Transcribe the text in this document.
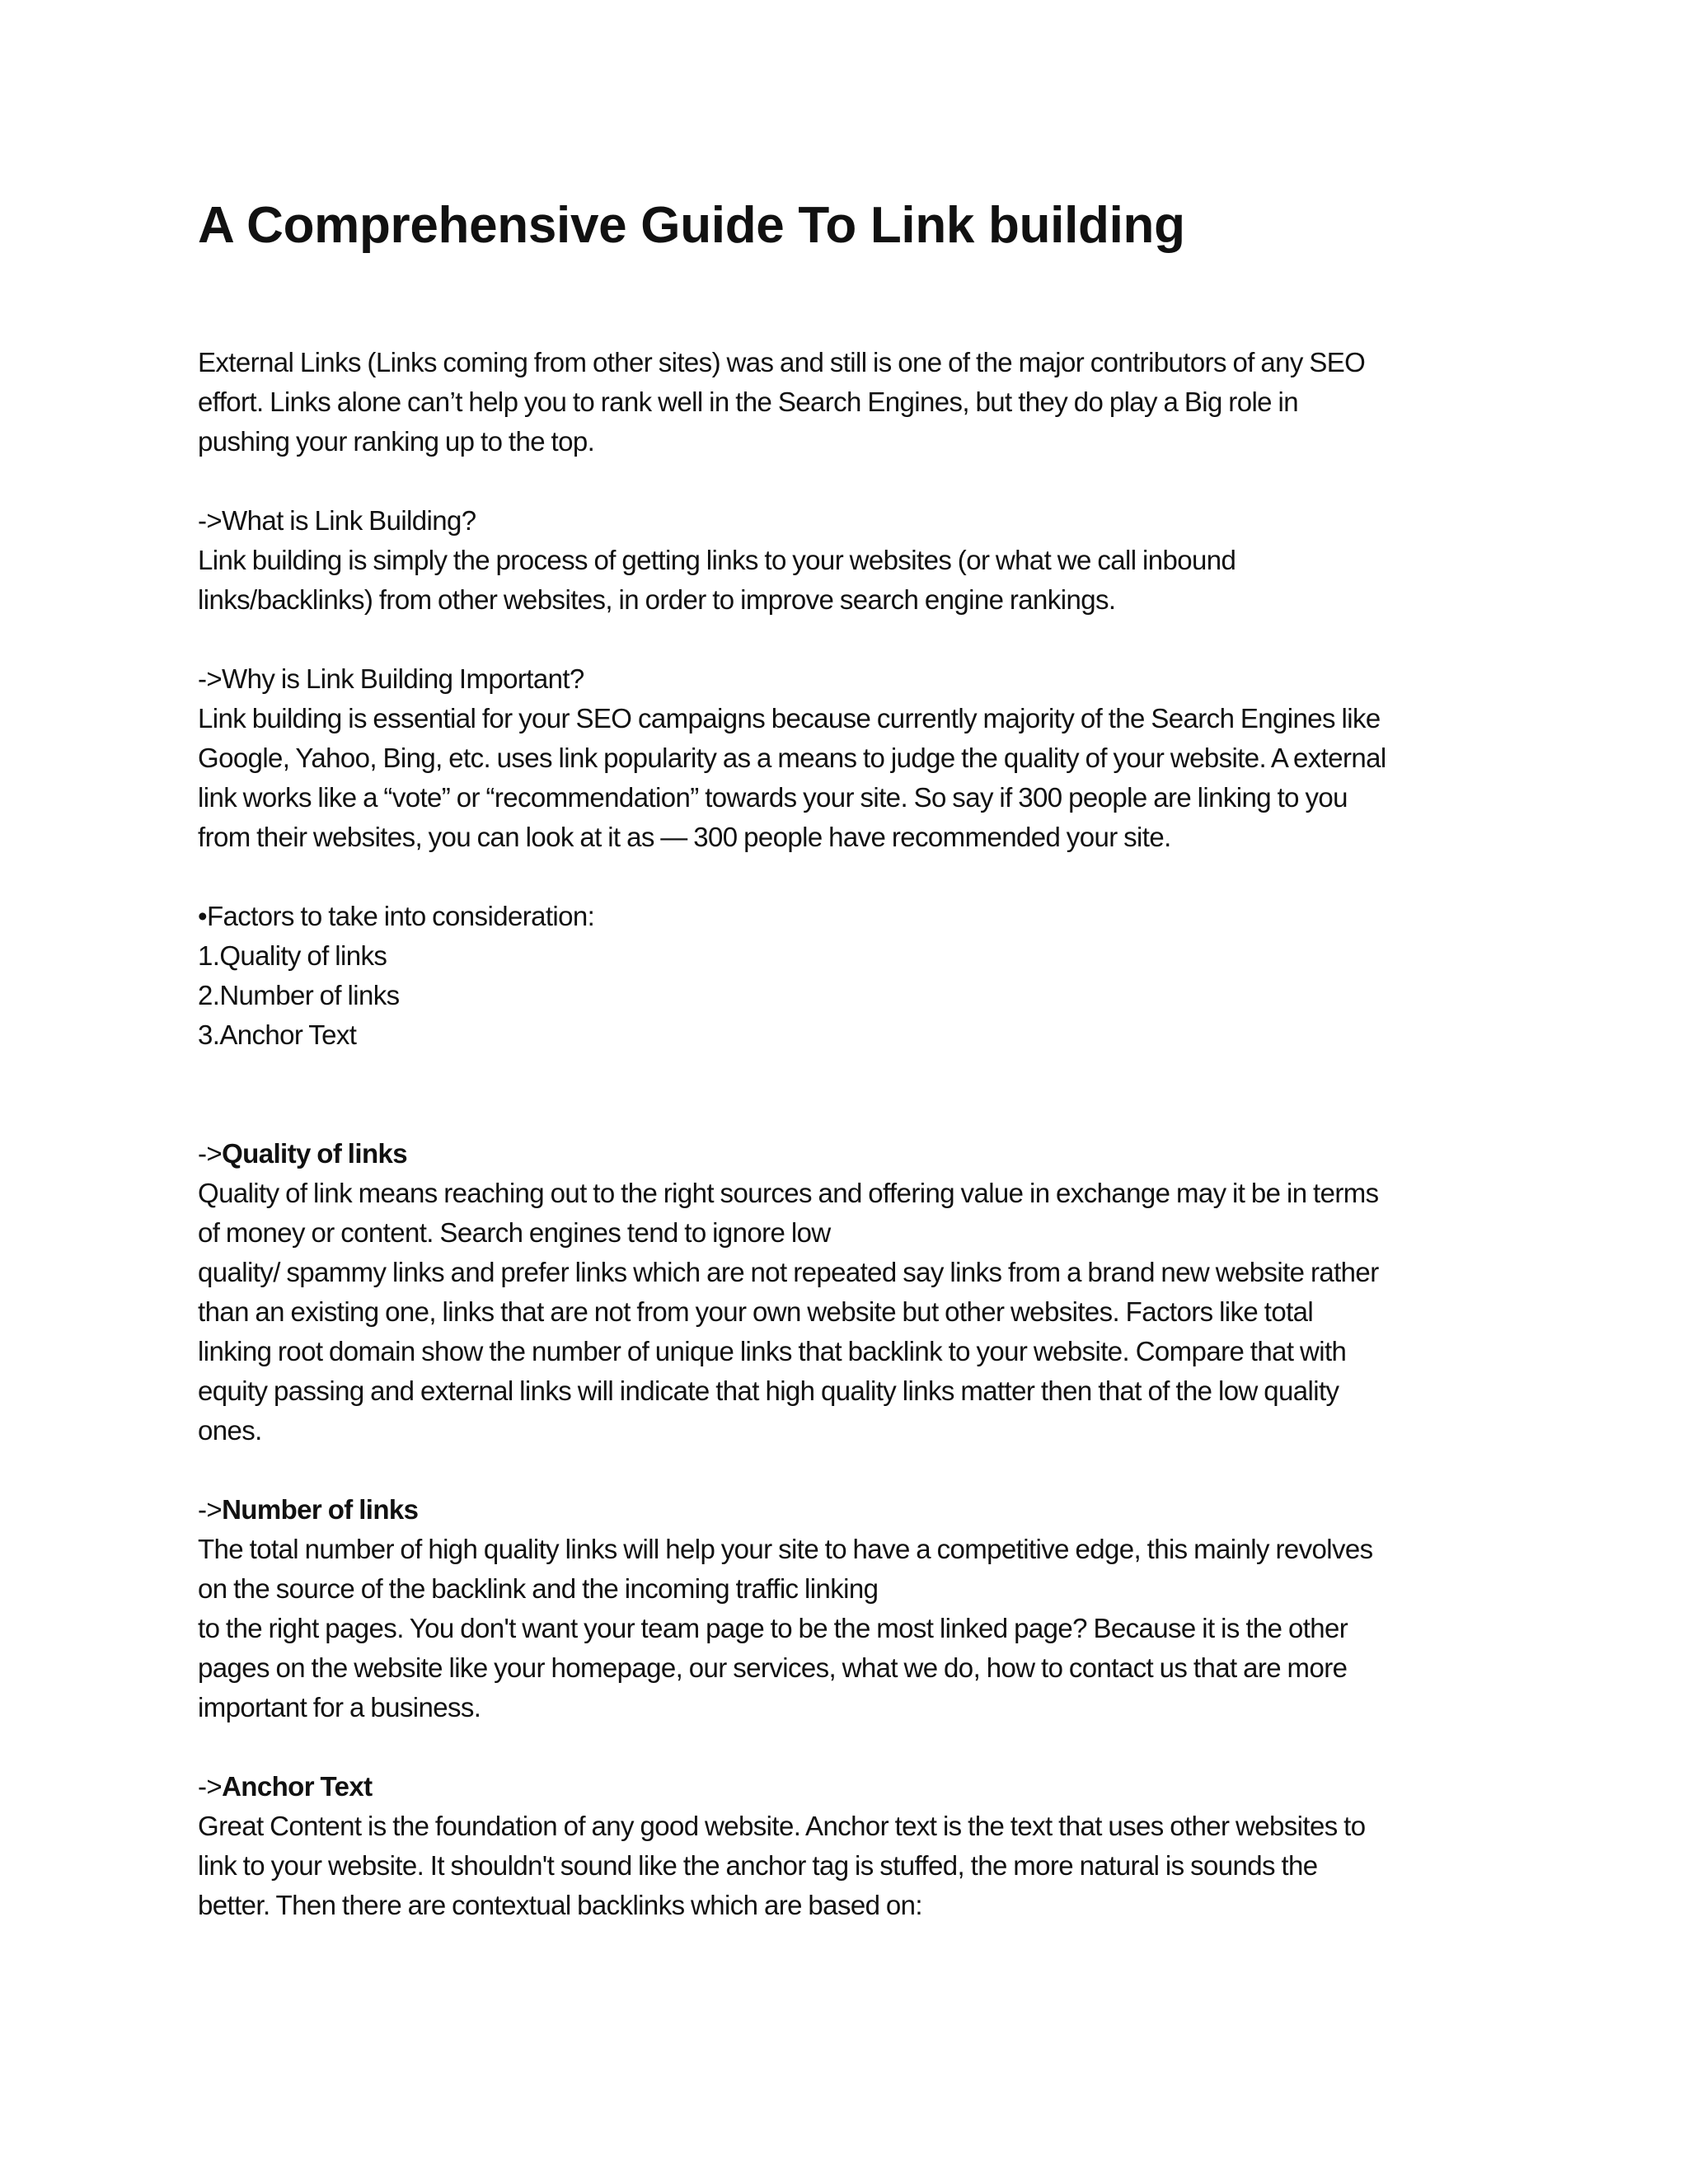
A Comprehensive Guide To Link building
External Links (Links coming from other sites) was and still is one of the major contributors of any SEO
effort. Links alone can’t help you to rank well in the Search Engines, but they do play a Big role in
pushing your ranking up to the top.
->What is Link Building?
Link building is simply the process of getting links to your websites (or what we call inbound
links/backlinks) from other websites, in order to improve search engine rankings.
->Why is Link Building Important?
Link building is essential for your SEO campaigns because currently majority of the Search Engines like
Google, Yahoo, Bing, etc. uses link popularity as a means to judge the quality of your website. A external
link works like a “vote” or “recommendation” towards your site. So say if 300 people are linking to you
from their websites, you can look at it as — 300 people have recommended your site.
•Factors to take into consideration:
1.Quality of links
2.Number of links
3.Anchor Text
->Quality of links
Quality of link means reaching out to the right sources and offering value in exchange may it be in terms
of money or content. Search engines tend to ignore low
quality/ spammy links and prefer links which are not repeated say links from a brand new website rather
than an existing one, links that are not from your own website but other websites. Factors like total
linking root domain show the number of unique links that backlink to your website. Compare that with
equity passing and external links will indicate that high quality links matter then that of the low quality
ones.
->Number of links
The total number of high quality links will help your site to have a competitive edge, this mainly revolves
on the source of the backlink and the incoming traffic linking
to the right pages. You don't want your team page to be the most linked page? Because it is the other
pages on the website like your homepage, our services, what we do, how to contact us that are more
important for a business.
->Anchor Text
Great Content is the foundation of any good website. Anchor text is the text that uses other websites to
link to your website. It shouldn't sound like the anchor tag is stuffed, the more natural is sounds the
better. Then there are contextual backlinks which are based on:
